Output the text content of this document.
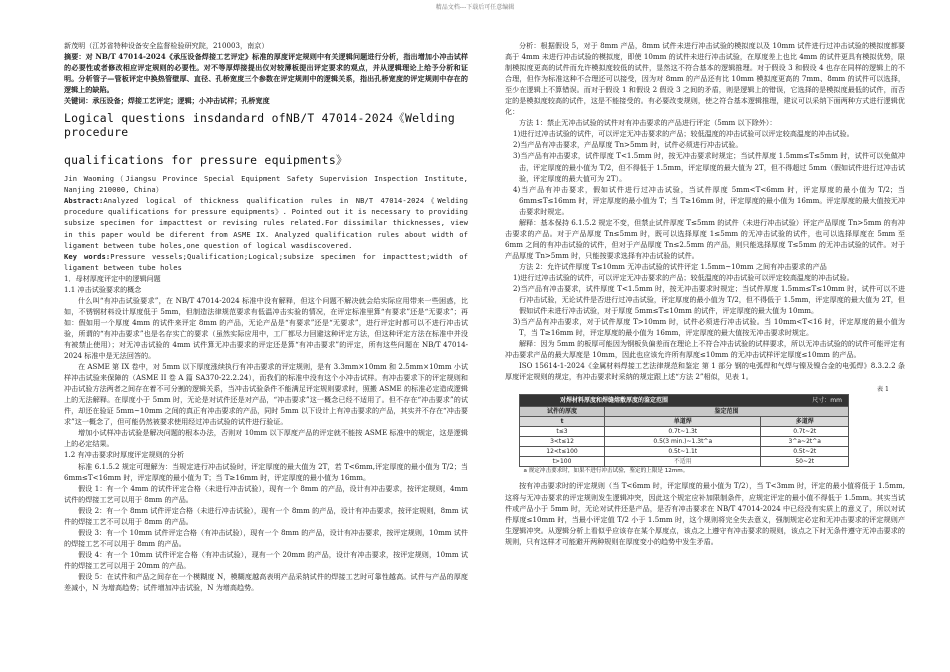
精品文档---下载后可任意编辑

新茂明（江苏省特种设备安全监督检验研究院，210003，南京）

摘要：对 NB/T 47014-2024《承压设备焊接工艺评定》标准的厚度评定规则中有关逻辑问题进行分析，指出增加小冲击试样的必要性或者修改相应评定规则的必要性。对不等厚焊接提出仪对较薄板提出评定要求的观点，并从逻辑理论上给予分析和证明。分析管子—管板评定中换热管壁厚、直径、孔桥宽度三个参数在评定规则中的逻辑关系，指出孔桥宽度的评定规则中存在的逻辑上的缺陷。

关键词：承压设备；焊接工艺评定；逻辑；小冲击试样；孔桥宽度

Logical questions insdandard ofNB/T 47014-2024《Welding procedure
qualifications for pressure equipments》

Jin Waoming（Jiangsu Province Special Equipment Safety Supervision Inspection Institute, Nanjing 210000, China）

Abstract:Analyzed logical of thickness qualification rules in NB/T 47014-2024《Welding procedure qualifications for pressure equipments》. Pointed out it is necessary to providing subsize specimen for impacttest or revising rules related.For dissimilar thicknesses, view in this paper would be diferent from ASME IX. Analyzed qualification rules about width of ligament between tube holes,one question of logical wasdiscovered.

Key words:Pressure vessels;Qualification;Logical;subsize specimen for impacttest;width of ligament between tube holes

1．母材厚度评定中的逻辑问题

1.1 冲击试验要求的概念

什么叫“有冲击试验要求”，在 NB/T 47014-2024 标准中没有解释，但这个问题不解决就会给实际应用带来一些困惑，比如，不锈钢材料设计厚度低于 5mm，但制造法律规范要求有低温冲击实验的情况，在评定标准里算“有要求”还是“无要求”；再如：假如用一个厚度 4mm 的试件来评定 8mm 的产品，无论产品是“有要求”还是“无要求”，进行评定时都可以不进行冲击试验，所谓的“有冲击要求”也是名存实亡的要求（虽然实际应用中，工厂都尽力回避这种评定方法，但这种评定方法在标准中并没有被禁止使用）；对无冲击试验的 4mm 试件算无冲击要求的评定还是算“有冲击要求”的评定，所有这些问题在 NB/T 47014-2024 标准中是无法回答的。

在 ASME 第 IX 卷中，对 5mm 以下厚度涨续执行有冲击要求的评定规则，是有 3.3mm×10mm 和 2.5mm×10mm 小试样冲击试验来保障的（ASME II 卷 A 篇 SA370-22.2.24），而我们的标准中没有这个小冲击试样。有冲击要求下的评定规则和冲击试验方法两者之间存在着不可分割的逻辑关系，当冲击试验条件不能满足评定规则要求时，照搬 ASME 的标准必定造成逻辑上的无法解释。在厚度小于 5mm 时，无论是对试件还是对产品，“冲击要求”这一概念已经不适用了。但不存在“冲击要求”的试件，却还在验证 5mm~10mm 之间的真正有冲击要求的产品，同时 5mm 以下设计上有冲击要求的产品，其实并不存在“冲击要求”这一概念了，但可能仍然被要求使用经过冲击试验的试件进行验证。

增加小试样冲击试验是解决问题的根本办法，否则对 10mm 以下厚度产品的评定就不能按 ASME 标准中的规定，这是逻辑上的必定结果。

1.2 有冲击要求时厚度评定规则的分析

标准 6.1.5.2 规定可理解为：当规定进行冲击试验时，评定厚度的最大值为 2T，若 T<6mm,评定厚度的最小值为 T/2；当 6mm≤T<16mm 时，评定厚度的最小值为 T；当 T≥16mm 时，评定厚度的最小值为 16mm。

假设 1：有一个 4mm 的试件评定合格（未进行冲击试验），现有一个 8mm 的产品，设计有冲击要求，按评定规则，4mm 试件的焊接工艺可以用于 8mm 的产品。

假设 2：有一个 8mm 试件评定合格（未进行冲击试验），现有一个 8mm 的产品，设计有冲击要求，按评定规则，8mm 试件的焊接工艺不可以用于 8mm 的产品。

假设 3：有一个 10mm 试件评定合格（有冲击试验），现有一个 8mm 的产品，设计有冲击要求，按评定规则，10mm 试件的焊接工艺不可以用于 8mm 的产品。

假设 4：有一个 10mm 试件评定合格（有冲击试验），现有一个 20mm 的产品，设计有冲击要求，按评定规则，10mm 试件的焊接工艺可以用于 20mm 的产品。

假设 5：在试件和产品之间存在一个模糊度 N，模糊度越高表明产品采纳试件的焊接工艺时可靠性越高。试件与产品的厚度差减小，N 为增高趋势；试件增加冲击试验，N 为增高趋势。

分析：根据假设 5，对于 8mm 产品，8mm 试件未进行冲击试验的模拟度以及 10mm 试件进行过冲击试验的模拟度都要高于 4mm 未进行冲击试验的模拟度，即使 10mm 的试件未进行冲击试验，在厚度差上也比 4mm 的试件更具有模拟优势，限制模拟度更高的试件而允许模拟度较低的试件，显然这不符合基本的逻辑推理。对于假设 3 和假设 4 也存在同样的逻辑上的不合理，但作为标准这种不合理还可以接受，因为对 8mm 的产品还有比 10mm 模拟度更高的 7mm、8mm 的试件可以选择，至少在逻辑上不算错误。而对于假设 1 和假设 2 假设 3 之间的矛盾，则是逻辑上的错误，它选择的是模拟度最低的试件，而否定的是模拟度较高的试件，这是不能接受的。有必要改变规则，使之符合基本逻辑推理，建议可以采纳下面两种方式进行逻辑优化：

方法 1：禁止无冲击试验的试件对有冲击要求的产品进行评定（5mm 以下除外）：

1)进行过冲击试验的试件，可以评定无冲击要求的产品；较低温度的冲击试验可以评定较高温度的冲击试验。

2)当产品有冲击要求，产品厚度 Tn>5mm 时，试件必须进行冲击试验。

3)当产品有冲击要求，试件厚度 T<1.5mm 时，按无冲击要求时规定；当试件厚度 1.5mm≤T≤5mm 时，试件可以免做冲击，评定厚度的最小值为 T/2，但不得低于 1.5mm，评定厚度的最大值为 2T，但不得超过 5mm（假如试件进行过冲击试验，评定厚度的最大值可为 2T）。

4)当产品有冲击要求，假如试件进行过冲击试验，当试件厚度 5mm<T<6mm 时，评定厚度的最小值为 T/2；当 6mm≤T≤16mm 时，评定厚度的最小值为 T；当 T≥16mm 时，评定厚度的最小值为 16mm。评定厚度的最大值按无冲击要求时规定。

解释：基本保持 6.1.5.2 规定不变，但禁止试件厚度 T≤5mm 的试件（未进行冲击试验）评定产品厚度 Tn>5mm 的有冲击要求的产品。对于产品厚度 Tn≤5mm 时，既可以选择厚度 1≤5mm 的无冲击试验的试件，也可以选择厚度在 5mm 至 6mm 之间的有冲击试验的试件，但对于产品厚度 Tn≤2.5mm 的产品，则只能选择厚度 T≤5mm 的无冲击试验的试件。对于产品厚度 Tn>5mm 时，只能按要求选择有冲击试验的试件。

方法 2：允许试件厚度 T≤10mm 无冲击试验的试件评定 1.5mm~10mm 之间有冲击要求的产品

1)进行过冲击试验的试件，可以评定无冲击要求的产品；较低温度的冲击试验可以评定较高温度的冲击试验。

2)当产品有冲击要求，试件厚度 T<1.5mm 时，按无冲击要求时规定；当试件厚度 1.5mm≤T≤10mm 时，试件可以不进行冲击试验，无论试件是否进行过冲击试验，评定厚度的最小值为 T/2，但不得低于 1.5mm，评定厚度的最大值为 2T，但假如试件未进行冲击试验，对于厚度 5mm≤T≤10mm 的试件，评定厚度的最大值为 10mm。

3)当产品有冲击要求，对于试件厚度 T>10mm 时，试件必须进行冲击试验。当 10mm<T<16 时，评定厚度的最小值为 T，当 T≥16mm 时，评定厚度的最小值为 16mm，评定厚度的最大值按无冲击要求时规定。

解释：因为 5mm 的板厚可能因为钢板负偏差而在理论上不符合冲击试验的试样要求，所以无冲击试验的的试件可能评定有冲击要求产品的最大厚度是 10mm，因此也应该允许所有厚度≤10mm 的无冲击试样评定厚度≤10mm 的产品。

ISO 15614-1-2024《金属材料焊接工艺法律规范和鉴定 第 1 部分 钢的电弧焊和气焊与镍及镍合金的电弧焊》8.3.2.2 条厚度评定规则的规定，有冲击要求时采纳的规定跟上述“方法 2”相似，见表 1。

表 1
对焊材料厚度和焊缝熔敷厚度的鉴定范围 尺寸：mm		

试件的厚度	鉴定范围	
t	单道焊	多道焊
t≤3	0.7t~1.3t	0.7t~2t
3<t≤12	0.5(3 min.)~1.3t^a	3^a~2t^a
12<t≤100	0.5t~1.1t	0.5t~2t
t>100	不适用	50~2t
a 规定冲击要求时，如果不进行冲击试验，鉴定的上限是 12mm。		

按有冲击要求时的评定规则（当 T<6mm 时，评定厚度的最小值为 T/2），当 T<3mm 时，评定的最小值将低于 1.5mm,这将与无冲击要求的评定规则发生逻辑冲突，因此这个规定应补加限制条件，应规定评定的最小值不得低于 1.5mm。其实当试件或产品小于 5mm 时，无论对试件还是产品，是否有冲击要求在 NB/T 47014-2024 中已经没有实质上的意义了，所以对试件厚度≤10mm 时，当最小评定值 T/2 小于 1.5mm 时，这个规则将完全失去意义，强制规定必定和无冲击要求的评定规则产生逻辑冲突。从逻辑分析上看似乎应该存在某个厚度点，该点之上遵守有冲击要求的规则，该点之下时无条件遵守无冲击要求的规则，只有这样才可能避开两种规则在厚度变小的趋势中发生矛盾。
